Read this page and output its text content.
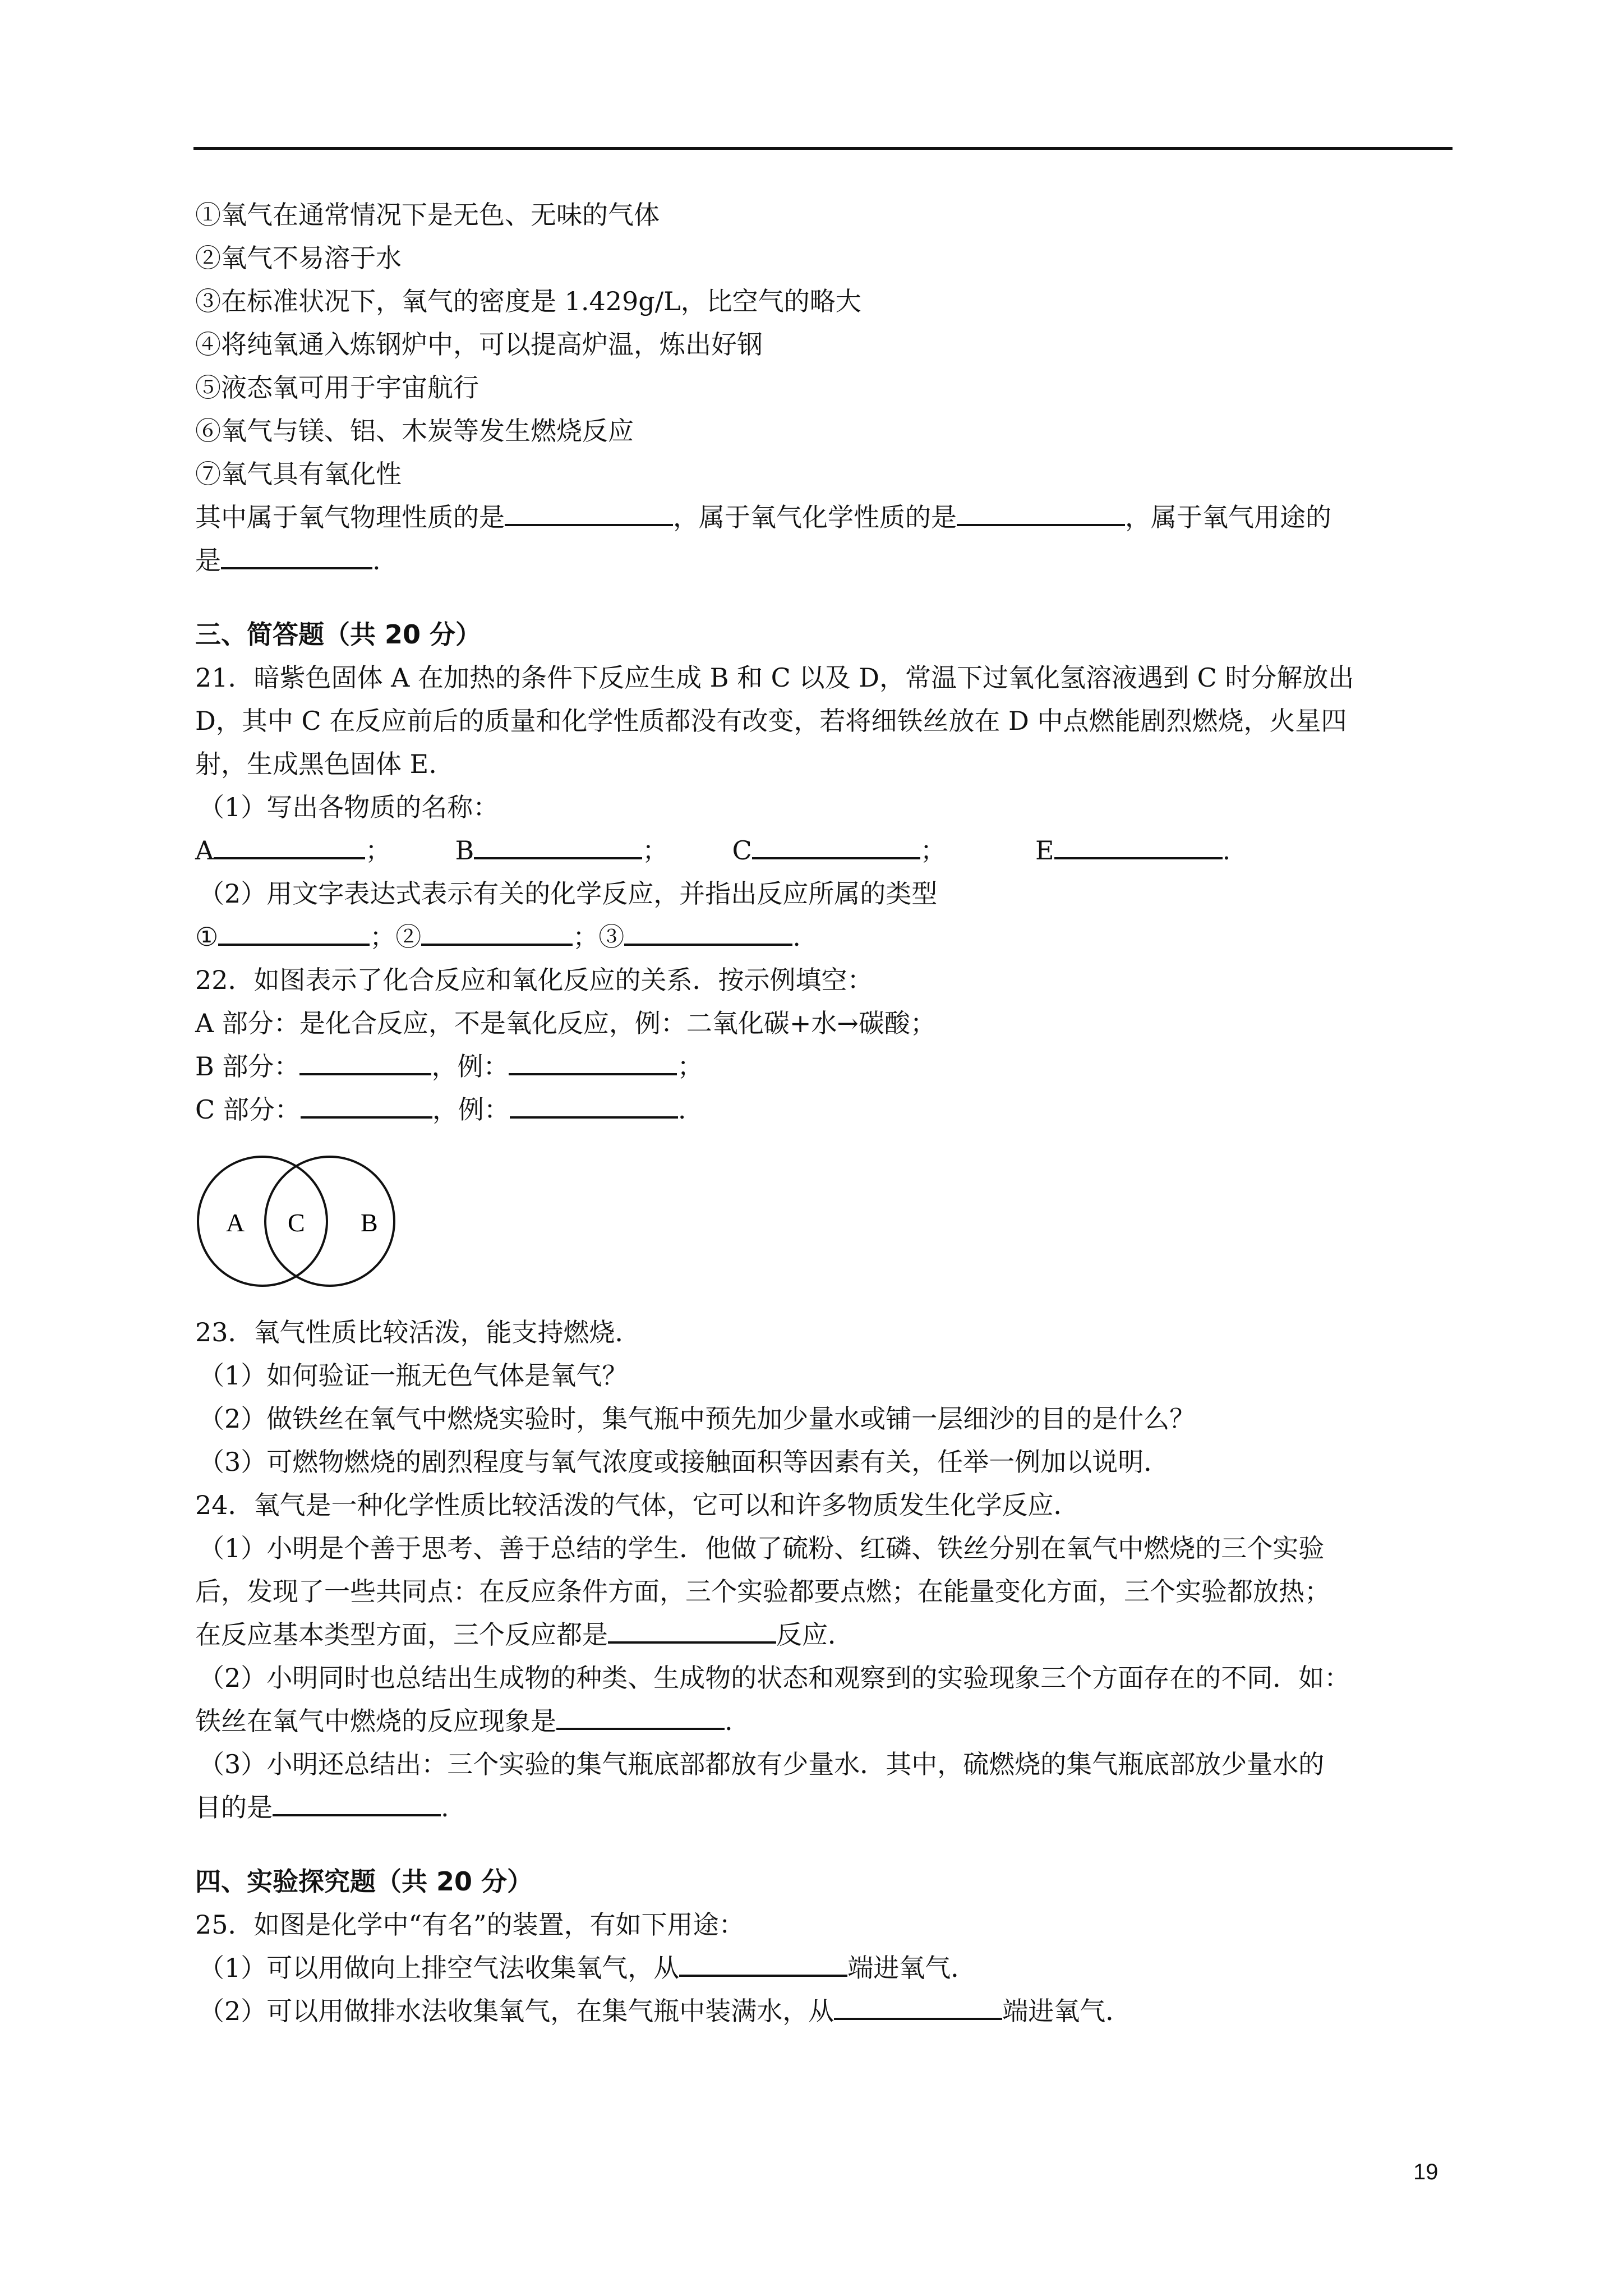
①氧气在通常情况下是无色、无味的气体
②氧气不易溶于水
③在标准状况下，氧气的密度是 1.429g/L，比空气的略大
④将纯氧通入炼钢炉中，可以提高炉温，炼出好钢
⑤液态氧可用于宇宙航行
⑥氧气与镁、铝、木炭等发生燃烧反应
⑦氧气具有氧化性
其中属于氧气物理性质的是	，属于氧气化学性质的是	，属于氧气用途的
是	.
三、简答题（共 20 分）
21．暗紫色固体 A 在加热的条件下反应生成 B 和 C 以及 D，常温下过氧化氢溶液遇到 C 时分解放出
D，其中 C 在反应前后的质量和化学性质都没有改变，若将细铁丝放在 D 中点燃能剧烈燃烧，火星四
射，生成黑色固体 E.
（1）写出各物质的名称：
A	； B	； C	；	E	.
（2）用文字表达式表示有关的化学反应，并指出反应所属的类型
①	；②	；③	.
22．如图表示了化合反应和氧化反应的关系．按示例填空：
A 部分：是化合反应，不是氧化反应，例：二氧化碳+水→碳酸；
B 部分：	，例：	；
C 部分：	，例：	.
A C B
23．氧气性质比较活泼，能支持燃烧．
（1）如何验证一瓶无色气体是氧气？
（2）做铁丝在氧气中燃烧实验时，集气瓶中预先加少量水或铺一层细沙的目的是什么？
（3）可燃物燃烧的剧烈程度与氧气浓度或接触面积等因素有关，任举一例加以说明．
24．氧气是一种化学性质比较活泼的气体，它可以和许多物质发生化学反应．
（1）小明是个善于思考、善于总结的学生．他做了硫粉、红磷、铁丝分别在氧气中燃烧的三个实验
后，发现了一些共同点：在反应条件方面，三个实验都要点燃；在能量变化方面，三个实验都放热；
在反应基本类型方面，三个反应都是	反应．
（2）小明同时也总结出生成物的种类、生成物的状态和观察到的实验现象三个方面存在的不同．如：
铁丝在氧气中燃烧的反应现象是	.
（3）小明还总结出：三个实验的集气瓶底部都放有少量水．其中，硫燃烧的集气瓶底部放少量水的
目的是	.
四、实验探究题（共 20 分）
25．如图是化学中“有名”的装置，有如下用途：
（1）可以用做向上排空气法收集氧气，从	端进氧气．
（2）可以用做排水法收集氧气，在集气瓶中装满水，从	端进氧气．
19
